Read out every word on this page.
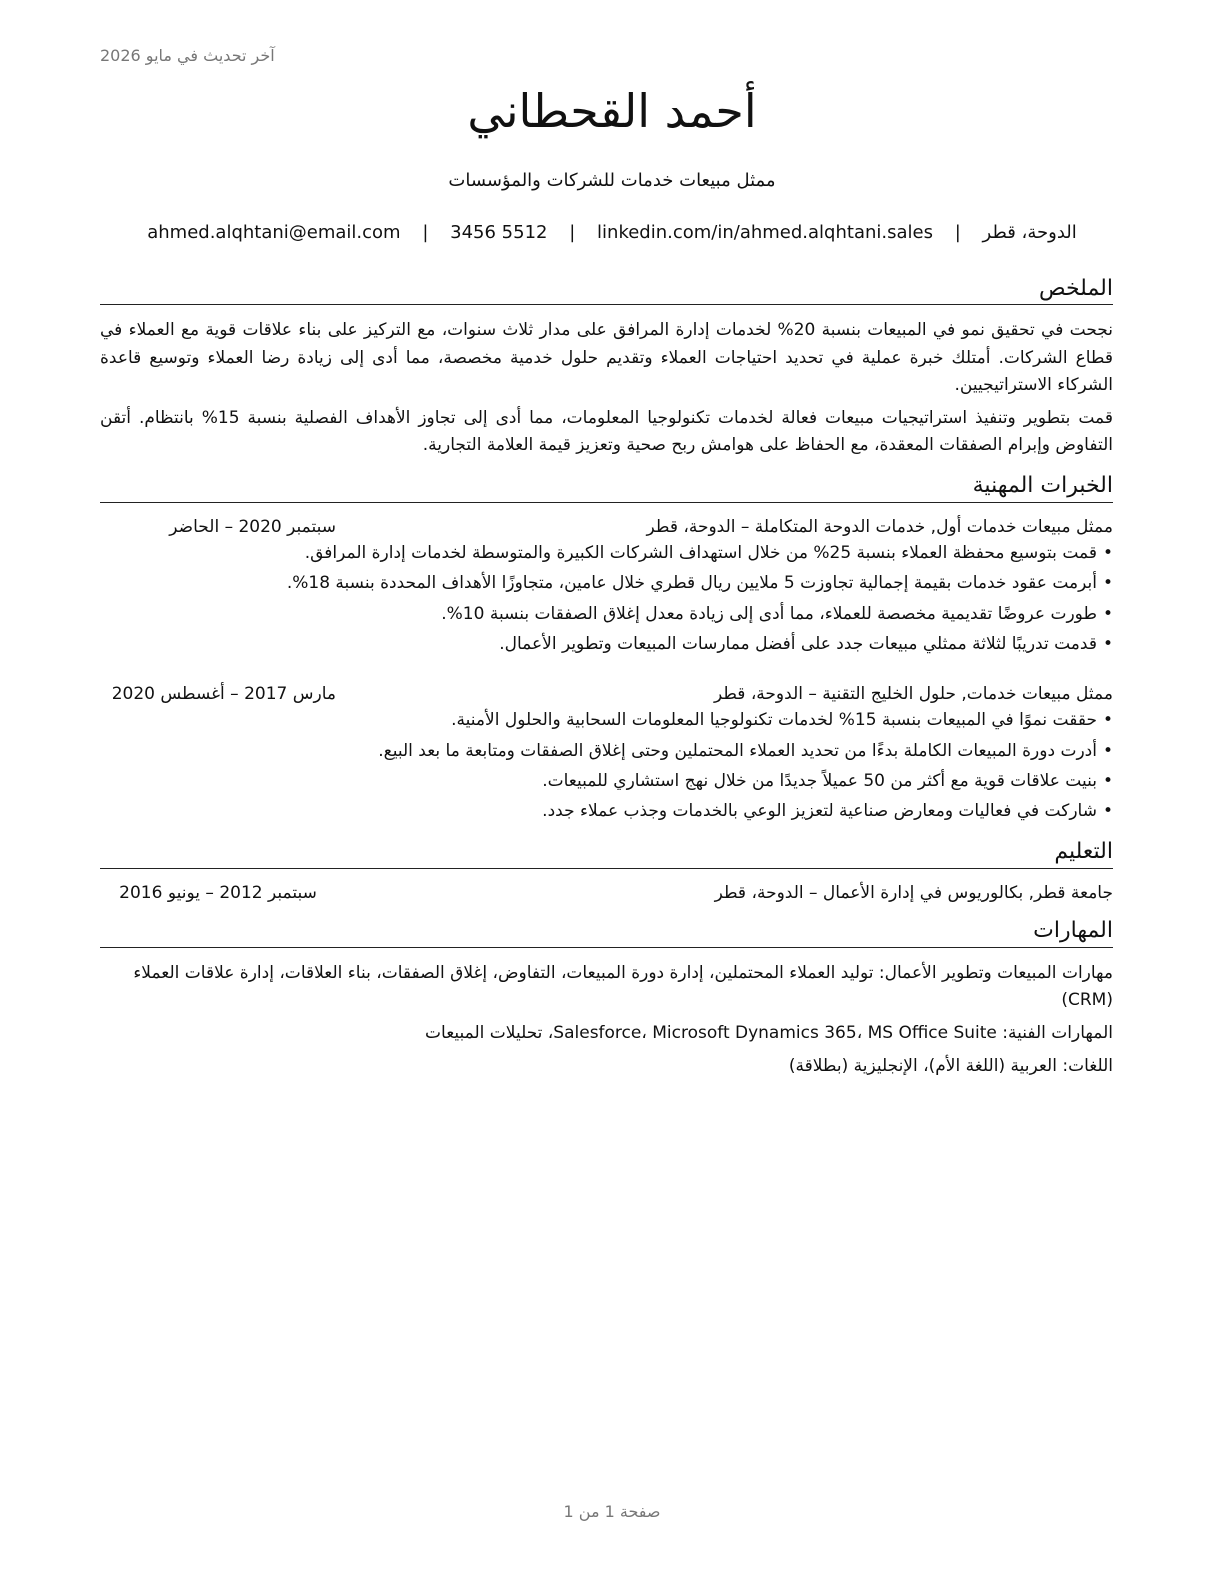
آخر تحديث في مايو 2026
أحمد القحطاني
ممثل مبيعات خدمات للشركات والمؤسسات
الدوحة، قطر | ahmed.alqhtani@email.com | 3456 5512 | linkedin.com/in/ahmed.alqhtani.sales
الملخص

نجحت في تحقيق نمو في المبيعات بنسبة 20% لخدمات إدارة المرافق على مدار ثلاث سنوات، مع التركيز على بناء علاقات قوية مع العملاء في قطاع الشركات. أمتلك خبرة عملية في تحديد احتياجات العملاء وتقديم حلول خدمية مخصصة، مما أدى إلى زيادة رضا العملاء وتوسيع قاعدة الشركاء الاستراتيجيين.

قمت بتطوير وتنفيذ استراتيجيات مبيعات فعالة لخدمات تكنولوجيا المعلومات، مما أدى إلى تجاوز الأهداف الفصلية بنسبة 15% بانتظام. أتقن التفاوض وإبرام الصفقات المعقدة، مع الحفاظ على هوامش ربح صحية وتعزيز قيمة العلامة التجارية.

الخبرات المهنية
ممثل مبيعات خدمات أول, خدمات الدوحة المتكاملة – الدوحة، قطر
سبتمبر 2020 – الحاضر
•قمت بتوسيع محفظة العملاء بنسبة 25% من خلال استهداف الشركات الكبيرة والمتوسطة لخدمات إدارة المرافق.
•أبرمت عقود خدمات بقيمة إجمالية تجاوزت 5 ملايين ريال قطري خلال عامين، متجاوزًا الأهداف المحددة بنسبة 18%.
•طورت عروضًا تقديمية مخصصة للعملاء، مما أدى إلى زيادة معدل إغلاق الصفقات بنسبة 10%.
•قدمت تدريبًا لثلاثة ممثلي مبيعات جدد على أفضل ممارسات المبيعات وتطوير الأعمال.
ممثل مبيعات خدمات, حلول الخليج التقنية – الدوحة، قطر
مارس 2017 – أغسطس 2020
•حققت نموًا في المبيعات بنسبة 15% لخدمات تكنولوجيا المعلومات السحابية والحلول الأمنية.
•أدرت دورة المبيعات الكاملة بدءًا من تحديد العملاء المحتملين وحتى إغلاق الصفقات ومتابعة ما بعد البيع.
•بنيت علاقات قوية مع أكثر من 50 عميلاً جديدًا من خلال نهج استشاري للمبيعات.
•شاركت في فعاليات ومعارض صناعية لتعزيز الوعي بالخدمات وجذب عملاء جدد.
التعليم
جامعة قطر, بكالوريوس في إدارة الأعمال – الدوحة، قطر
سبتمبر 2012 – يونيو 2016
المهارات

مهارات المبيعات وتطوير الأعمال: توليد العملاء المحتملين، إدارة دورة المبيعات، التفاوض، إغلاق الصفقات، بناء العلاقات، إدارة علاقات العملاء (CRM)

المهارات الفنية: Salesforce، Microsoft Dynamics 365، MS Office Suite، تحليلات المبيعات

اللغات: العربية (اللغة الأم)، الإنجليزية (بطلاقة)

صفحة 1 من 1
